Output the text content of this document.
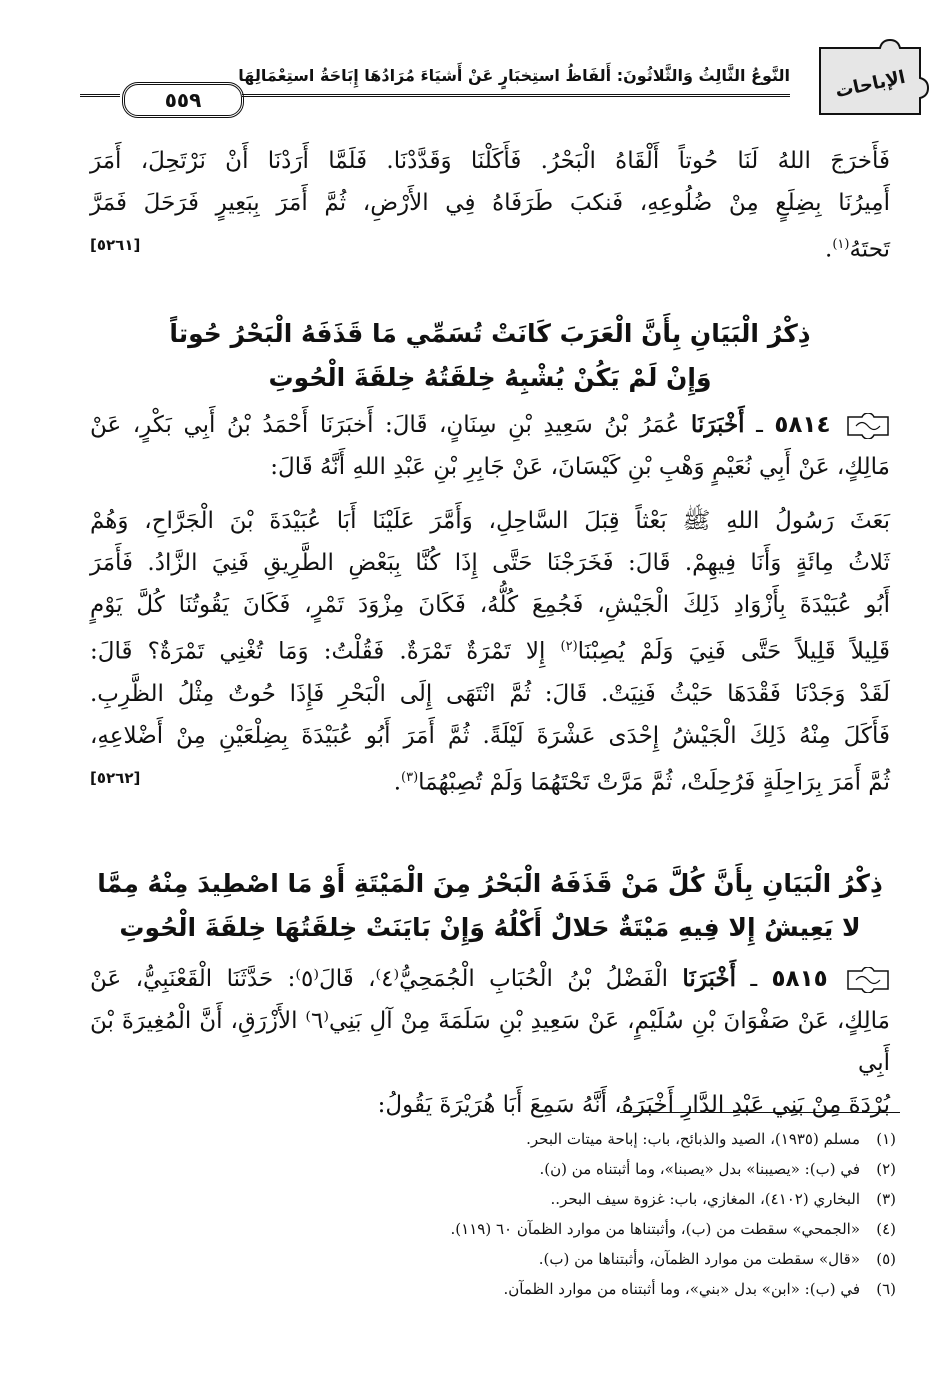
النَّوعُ الثَّالِثُ وَالثَّلاثُونَ: أَلفَاظُ استِخبَارٍ عَنْ أَشيَاءَ مُرَادُهَا إِبَاحَةُ استِعْمَالِهَا
٥٥٩	الإباحات
فَأَخرَجَ اللهُ لَنَا حُوتاً أَلْقَاهُ الْبَحْرُ. فَأَكَلْنَا وَقَدَّدْنَا. فَلَمَّا أَرَدْنَا أَنْ نَرْتَحِلَ، أَمَرَ
أَمِيرُنَا بِضِلَعٍ مِنْ ضُلُوعِهِ، فَنكبَ طَرَفَاهُ فِي الأَرْضِ، ثُمَّ أَمَرَ بِبَعِيرٍ فَرَحَلَ فَمَرَّ
تَحتَهُ$^{(١)}$.
[٥٢٦١]
ذِكْرُ الْبَيَانِ بِأَنَّ الْعَرَبَ كَانَتْ تُسَمِّي مَا قَذَفَهُ الْبَحْرُ حُوتاً
وَإِنْ لَمْ يَكُنْ يُشْبِهُ خِلقَتُهُ خِلقَةَ الْحُوتِ
٥٨١٤ ـ أَخْبَرَنَا عُمَرُ بْنُ سَعِيدِ بْنِ سِنَانٍ، قَالَ: أَخبَرَنَا أَحْمَدُ بْنُ أَبِي بَكْرٍ، عَنْ
مَالِكٍ، عَنْ أَبِي نُعَيْمٍ وَهْبِ بْنِ كَيْسَانَ، عَنْ جَابِرِ بْنِ عَبْدِ اللهِ أَنَّهُ قَالَ:
بَعَثَ رَسُولُ اللهِ ﷺ بَعْثاً قِبَلَ السَّاحِلِ، وَأَمَّرَ عَلَيْنَا أَبَا عُبَيْدَةَ بْنَ الْجَرَّاحِ، وَهُمْ
ثَلاثُ مِائَةٍ وَأَنَا فِيهِمْ. قَالَ: فَخَرَجْنَا حَتَّى إِذَا كُنَّا بِبَعْضِ الطَّرِيقِ فَنِيَ الزَّادُ. فَأَمَرَ
أَبُو عُبَيْدَةَ بِأَزْوَادِ ذَلِكَ الْجَيْشِ، فَجُمِعَ كُلُّهُ، فَكَانَ مِزْوَدَ تَمْرٍ، فَكَانَ يَقُوتُنَا كُلَّ يَوْمٍ
قَلِيلاً قَلِيلاً حَتَّى فَنِيَ وَلَمْ يُصِبْنَا$^{(٢)}$ إِلا تَمْرَةٌ تَمْرَةٌ. فَقُلْتُ: وَمَا تُغْنِي تَمْرَةٌ؟ قَالَ:
لَقَدْ وَجَدْنَا فَقْدَهَا حَيْثُ فَنِيَتْ. قَالَ: ثُمَّ انْتَهَى إِلَى الْبَحْرِ فَإِذَا حُوتٌ مِثْلُ الظَّرِبِ.
فَأَكَلَ مِنْهُ ذَلِكَ الْجَيْشُ إِحْدَى عَشْرَةَ لَيْلَةً. ثُمَّ أَمَرَ أَبُو عُبَيْدَةَ بِضِلْعَيْنِ مِنْ أَضْلاعِهِ،
ثُمَّ أَمَرَ بِرَاحِلَةٍ فَرُحِلَتْ، ثُمَّ مَرَّتْ تَحْتَهُمَا وَلَمْ تُصِبْهُمَا$^{(٣)}$.
[٥٢٦٢]
ذِكْرُ الْبَيَانِ بِأَنَّ كُلَّ مَنْ قَذَفَهُ الْبَحْرُ مِنَ الْمَيْتَةِ أَوْ مَا اصْطِيدَ مِنْهُ مِمَّا
لا يَعِيشُ إِلا فِيهِ مَيْتَةٌ حَلالٌ أَكْلُهُ وَإِنْ بَايَنَتْ خِلقَتُهَا خِلقَةَ الْحُوتِ
٥٨١٥ ـ أَخْبَرَنَا الْفَضْلُ بْنُ الْحُبَابِ الْجُمَحِيُّ⁽٤⁾، قَالَ⁽٥⁾: حَدَّثَنَا الْقَعْنَبِيُّ، عَنْ
مَالِكٍ، عَنْ صَفْوَانَ بْنِ سُلَيْمٍ، عَنْ سَعِيدِ بْنِ سَلَمَةَ مِنْ آلِ بَنِي⁽٦⁾ الأَزْرَقِ، أَنَّ الْمُغِيرَةَ بْنَ أَبِي
بُرْدَةَ مِنْ بَنِي عَبْدِ الدَّارِ أَخْبَرَهُ، أَنَّهُ سَمِعَ أَبَا هُرَيْرَةَ يَقُولُ:
(١)مسلم (١٩٣٥)، الصيد والذبائح، باب: إباحة ميتات البحر.
(٢)في (ب): «يصيبنا» بدل «يصبنا»، وما أثبتناه من (ن).
(٣)البخاري (٤١٠٢)، المغازي، باب: غزوة سيف البحر..
(٤)«الجمحي» سقطت من (ب)، وأثبتناها من موارد الظمآن ٦٠ (١١٩).
(٥)«قال» سقطت من موارد الظمآن، وأثبتناها من (ب).
(٦)في (ب): «ابن» بدل «بني»، وما أثبتناه من موارد الظمآن.
